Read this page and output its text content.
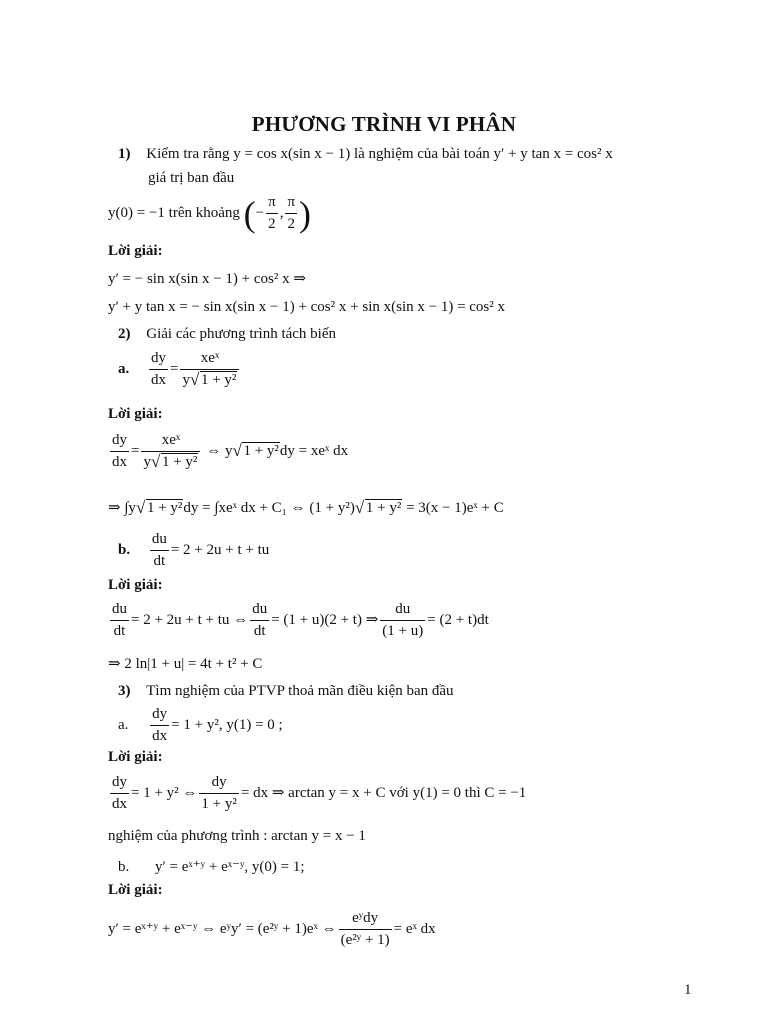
PHƯƠNG TRÌNH VI PHÂN
1) Kiểm tra rằng y = cos x(sin x − 1) là nghiệm của bài toán y′ + y tan x = cos² x
giá trị ban đầu
y(0) = −1 trên khoảng (− $\frac{\pi}{2}$ , $\frac{\pi}{2}$ )
Lời giải:
y′ = − sin x(sin x − 1) + cos² x ⇒
y′ + y tan x = − sin x(sin x − 1) + cos² x + sin x(sin x − 1) = cos² x
2) Giải các phương trình tách biến
a. $\frac{dy}{dx} = \frac{\text{xeˣ}}{\text{y √ 1 + y²}}$
Lời giải:
$\frac{dy}{dx} = \frac{\text{xeˣ}}{\text{y √ 1 + y²}}$ ⇔ y √ 1 + y²dy = xeˣ dx
⇒ ∫y √ 1 + y²dy = ∫xeˣ dx + C₁ ⇔ (1 + y²) √ 1 + y² = 3(x − 1)eˣ + C
b. $\frac{du}{dt} = 2 + 2u + t$ + tu
Lời giải:
$\frac{du}{dt} = 2 + 2u + t$ + tu ⇔ $\frac{du}{dt} = (1 + u)(2 + t)$ ⇒ $\frac{du}{(1 + u)} = (2 + t)dt$
⇒ 2 ln|1 + u| = 4t + t² + C
3) Tìm nghiệm của PTVP thoả mãn điều kiện ban đầu
a. $\frac{dy}{dx} = 1 + y^2$, y(1) = 0 ;
Lời giải:
$\frac{dy}{dx} = 1 + y^2$ ⇔ $\frac{dy}{\text{1 + y²}}$ = dx ⇒ arctan y = x + C với y(1) = 0 thì C = −1
nghiệm của phương trình : arctan y = x − 1
b. y′ = eˣ⁺ʸ + eˣ⁻ʸ, y(0) = 1;
Lời giải:
y′ = eˣ⁺ʸ + eˣ⁻ʸ ⇔ eʸy′ = (e²ʸ + 1)eˣ ⇔ $\frac{\text{eʸdy}}{\text{(e²ʸ + 1)}}$ = eˣ dx
1
